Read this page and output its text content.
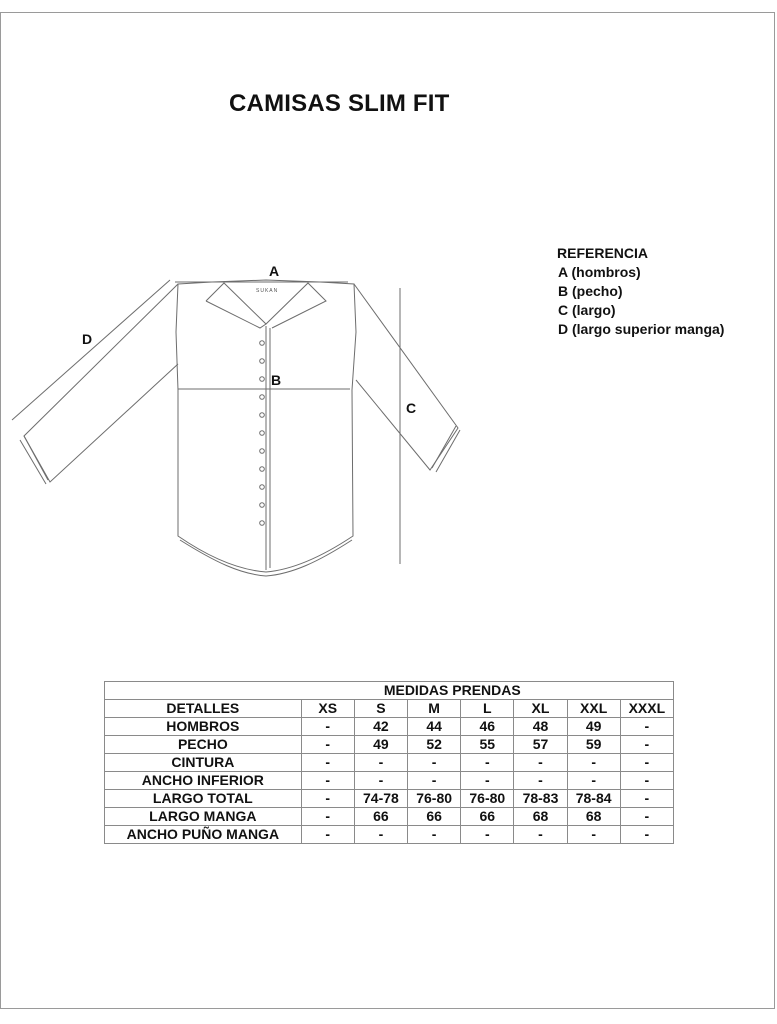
CAMISAS SLIM FIT
SUKAN
A
B
C
D
REFERENCIA
A (hombros)
B (pecho)
C (largo)
D (largo superior manga)
	MEDIDAS PRENDAS						
DETALLES	XS	S	M	L	XL	XXL	XXXL
HOMBROS	-	42	44	46	48	49	-
PECHO	-	49	52	55	57	59	-
CINTURA	-	-	-	-	-	-	-
ANCHO INFERIOR	-	-	-	-	-	-	-
LARGO TOTAL	-	74-78	76-80	76-80	78-83	78-84	-
LARGO MANGA	-	66	66	66	68	68	-
ANCHO PUÑO MANGA	-	-	-	-	-	-	-
